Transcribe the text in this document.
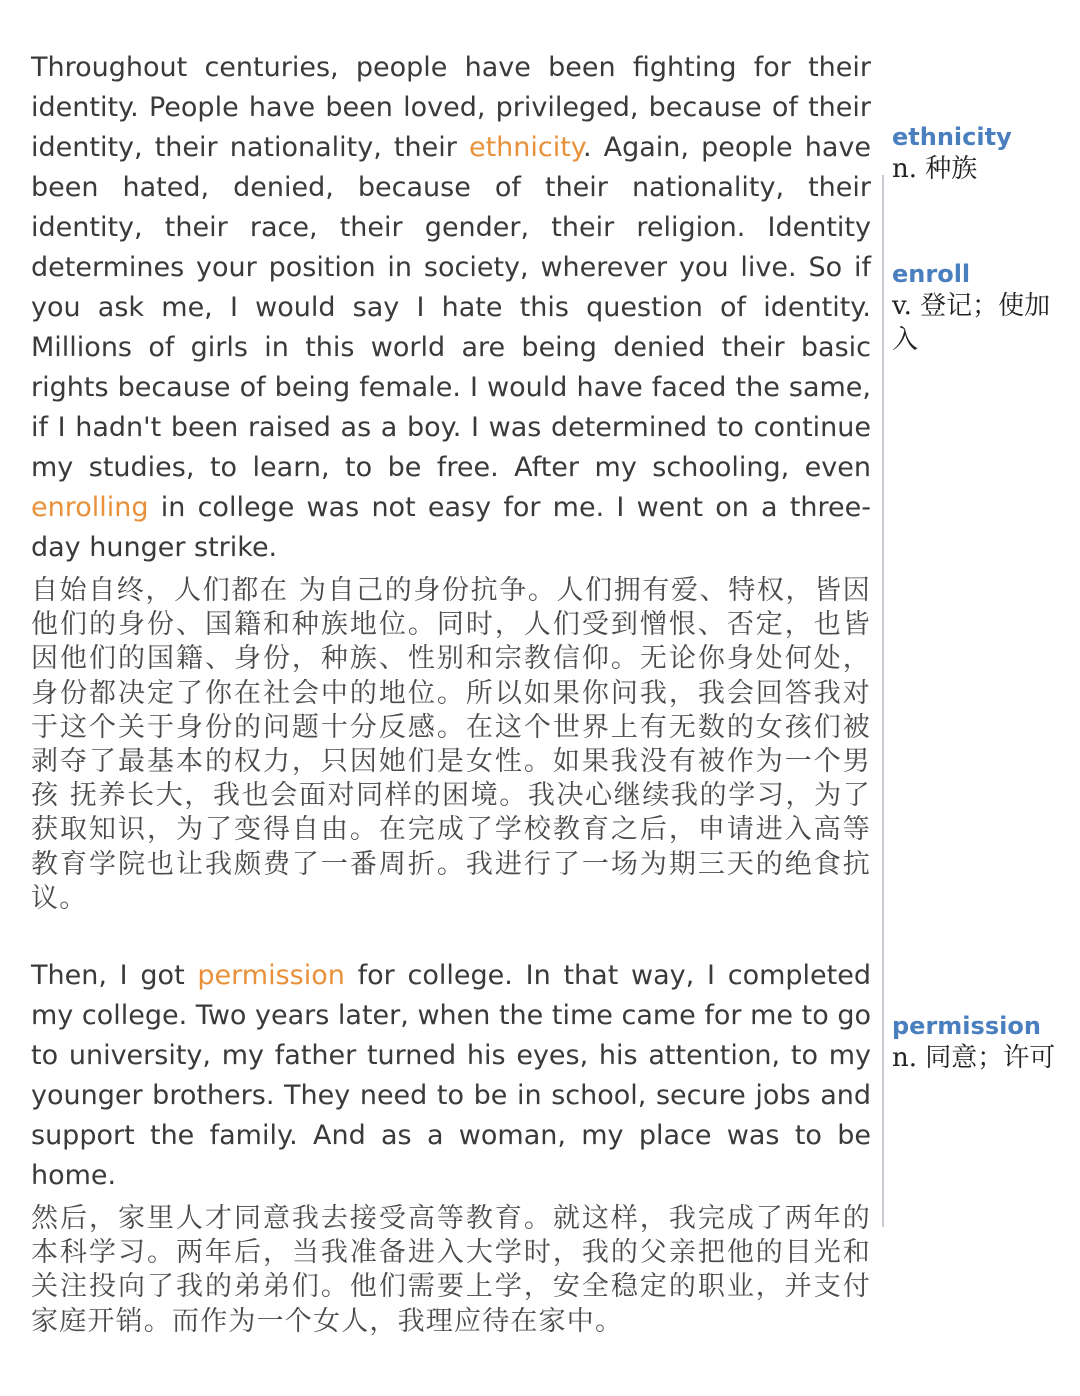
Throughout centuries, people have been fighting for their identity. People have been loved, privileged, because of their identity, their nationality, their ethnicity. Again, people have been hated, denied, because of their nationality, their identity, their race, their gender, their religion. Identity determines your position in society, wherever you live. So if you ask me, I would say I hate this question of identity. Millions of girls in this world are being denied their basic rights because of being female. I would have faced the same, if I hadn't been raised as a boy. I was determined to continue my studies, to learn, to be free. After my schooling, even enrolling in college was not easy for me. I went on a three-day hunger strike.

自始自终，人们都在 为自己的身份抗争。人们拥有爱、特权，皆因他们的身份、国籍和种族地位。同时，人们受到憎恨、否定，也皆因他们的国籍、身份，种族、性别和宗教信仰。无论你身处何处，身份都决定了你在社会中的地位。所以如果你问我，我会回答我对于这个关于身份的问题十分反感。在这个世界上有无数的女孩们被剥夺了最基本的权力，只因她们是女性。如果我没有被作为一个男孩 抚养长大，我也会面对同样的困境。我决心继续我的学习，为了获取知识，为了变得自由。在完成了学校教育之后，申请进入高等教育学院也让我颇费了一番周折。我进行了一场为期三天的绝食抗议。

Then, I got permission for college. In that way, I completed my college. Two years later, when the time came for me to go to university, my father turned his eyes, his attention, to my younger brothers. They need to be in school, secure jobs and support the family. And as a woman, my place was to be home.

然后，家里人才同意我去接受高等教育。就这样，我完成了两年的本科学习。两年后，当我准备进入大学时，我的父亲把他的目光和关注投向了我的弟弟们。他们需要上学，安全稳定的职业，并支付家庭开销。而作为一个女人，我理应待在家中。

ethnicity

n. 种族

enroll

v. 登记；使加入

permission

n. 同意；许可
